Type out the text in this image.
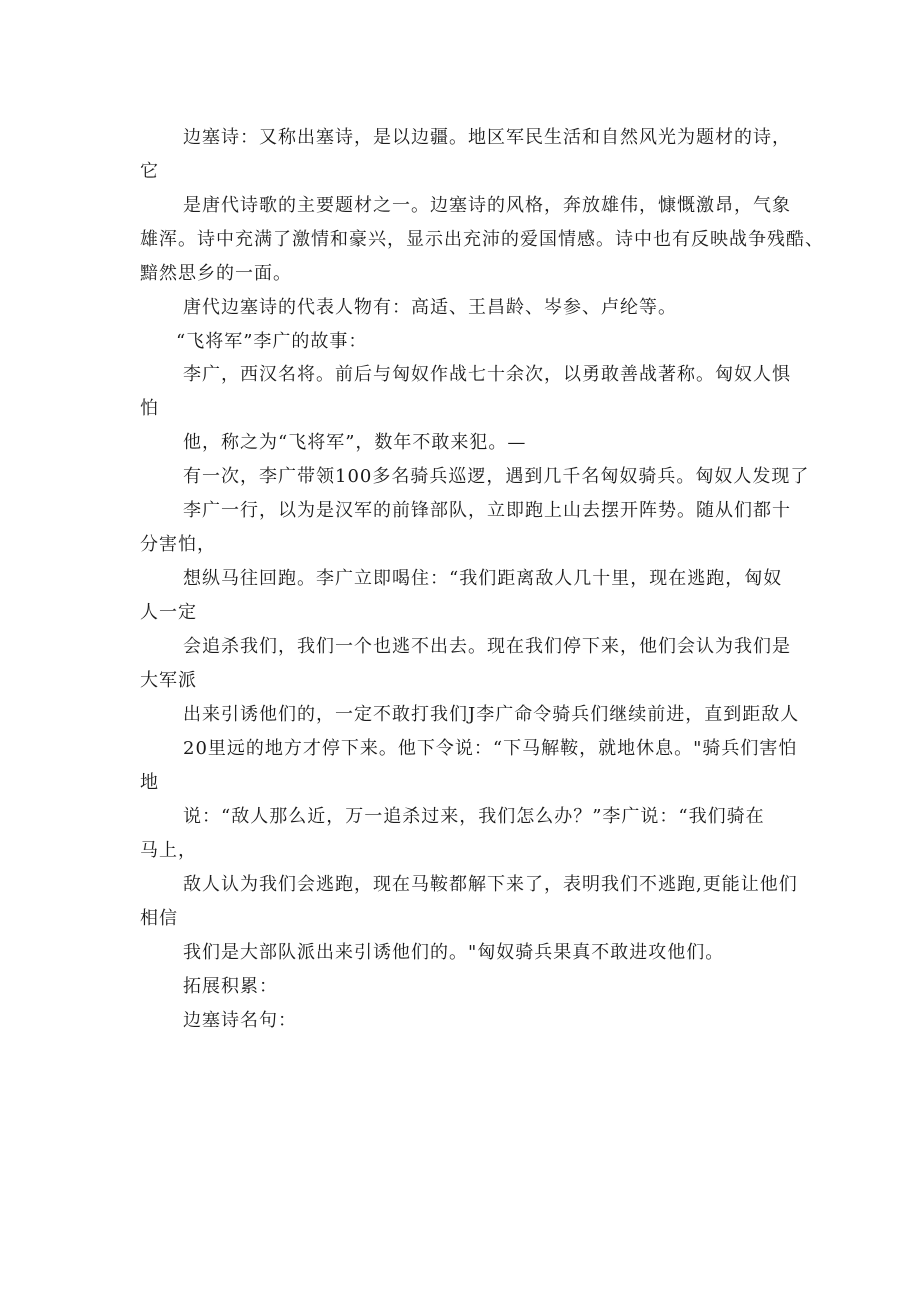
边塞诗：又称出塞诗，是以边疆。地区军民生活和自然风光为题材的诗，
它
是唐代诗歌的主要题材之一。边塞诗的风格，奔放雄伟，慷慨激昂，气象
雄浑。诗中充满了激情和豪兴，显示出充沛的爱国情感。诗中也有反映战争残酷、
黯然思乡的一面。
唐代边塞诗的代表人物有：高适、王昌龄、岑参、卢纶等。
“飞将军”李广的故事：
李广，西汉名将。前后与匈奴作战七十余次，以勇敢善战著称。匈奴人惧
怕
他，称之为“飞将军”，数年不敢来犯。—
有一次，李广带领100多名骑兵巡逻，遇到几千名匈奴骑兵。匈奴人发现了
李广一行，以为是汉军的前锋部队，立即跑上山去摆开阵势。随从们都十
分害怕，
想纵马往回跑。李广立即喝住：“我们距离敌人几十里，现在逃跑，匈奴
人一定
会追杀我们，我们一个也逃不出去。现在我们停下来，他们会认为我们是
大军派
出来引诱他们的，一定不敢打我们J李广命令骑兵们继续前进，直到距敌人
20里远的地方才停下来。他下令说：“下马解鞍，就地休息。"骑兵们害怕
地
说：“敌人那么近，万一追杀过来，我们怎么办？”李广说：“我们骑在
马上，
敌人认为我们会逃跑，现在马鞍都解下来了，表明我们不逃跑,更能让他们
相信
我们是大部队派出来引诱他们的。"匈奴骑兵果真不敢进攻他们。
拓展积累：
边塞诗名句：
